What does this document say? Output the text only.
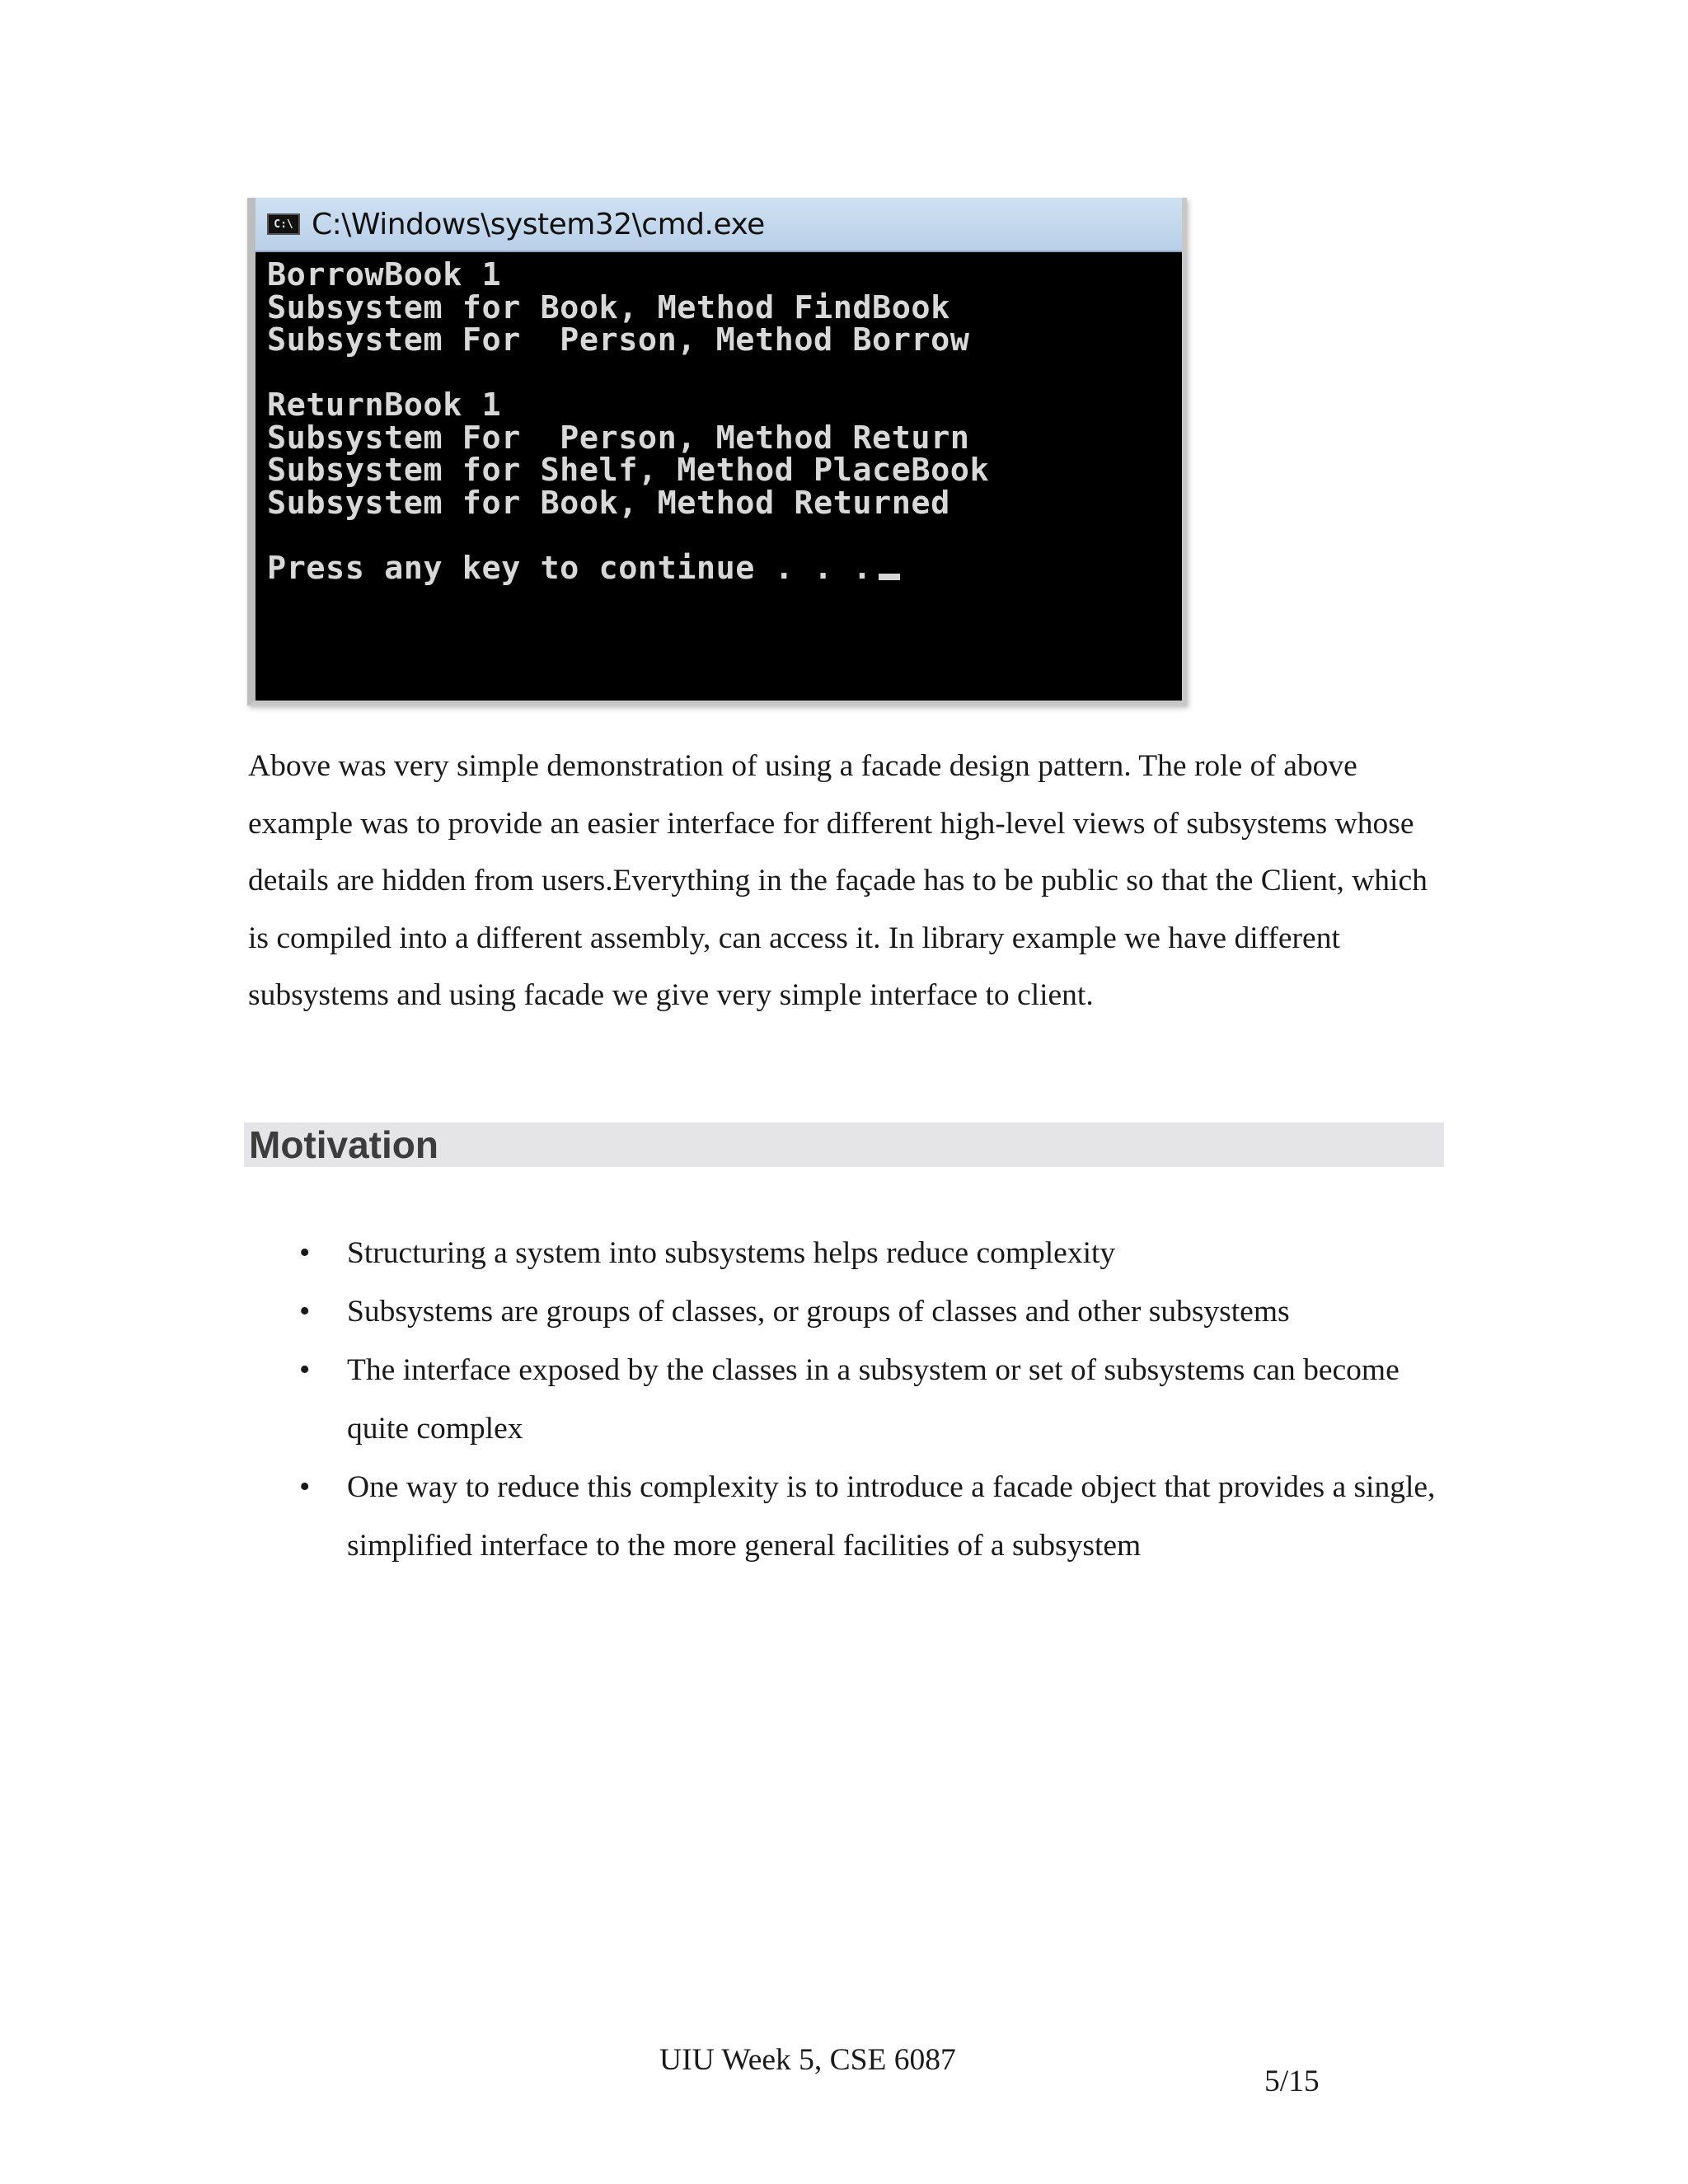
C:\ C:\Windows\system32\cmd.exe
BorrowBook 1
Subsystem for Book, Method FindBook
Subsystem For  Person, Method Borrow
ReturnBook 1
Subsystem For  Person, Method Return
Subsystem for Shelf, Method PlaceBook
Subsystem for Book, Method Returned
Press any key to continue . . .

Above was very simple demonstration of using a facade design pattern. The role of above example was to provide an easier interface for different high-level views of subsystems whose details are hidden from users.Everything in the façade has to be public so that the Client, which is compiled into a different assembly, can access it. In library example we have different subsystems and using facade we give very simple interface to client.

Motivation
• Structuring a system into subsystems helps reduce complexity
• Subsystems are groups of classes, or groups of classes and other subsystems
• The interface exposed by the classes in a subsystem or set of subsystems can become quite complex
• One way to reduce this complexity is to introduce a facade object that provides a single, simplified interface to the more general facilities of a subsystem
UIU Week 5, CSE 6087
5/15
